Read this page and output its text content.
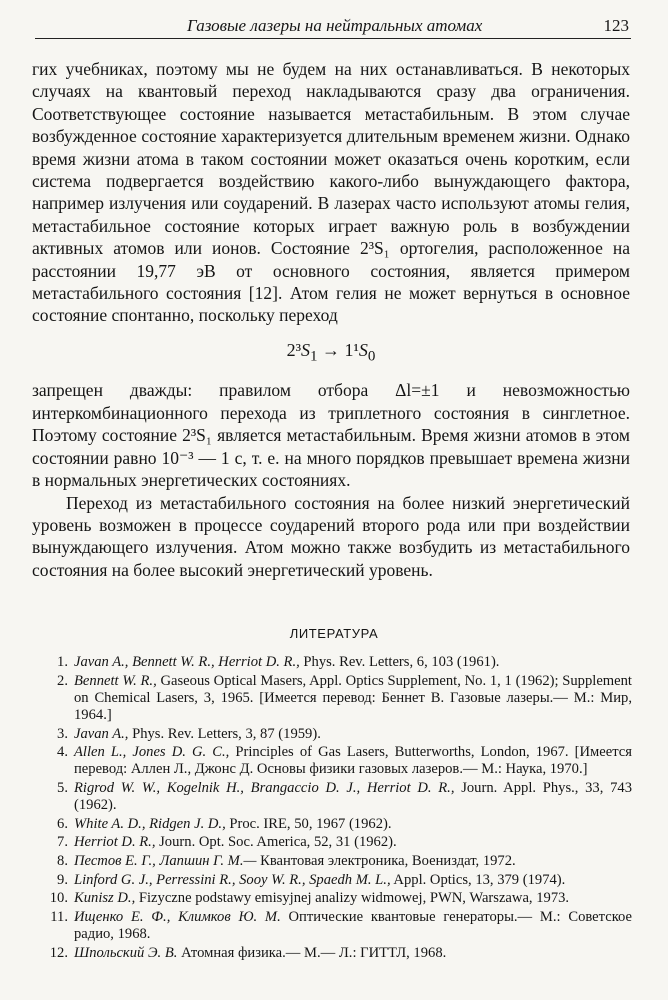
Газовые лазеры на нейтральных атомах	123

гих учебниках, поэтому мы не будем на них останавливаться. В некоторых случаях на квантовый переход накладываются сразу два ограничения. Соответствующее состояние называется метастабильным. В этом случае возбужденное состояние характеризуется длительным временем жизни. Однако время жизни атома в таком состоянии может оказаться очень коротким, если система подвергается воздействию какого-либо вынуждающего фактора, например излучения или соударений. В лазерах часто используют атомы гелия, метастабильное состояние которых играет важную роль в возбуждении активных атомов или ионов. Состояние 2³S₁ ортогелия, расположенное на расстоянии 19,77 эВ от основного состояния, является примером метастабильного состояния [12]. Атом гелия не может вернуться в основное состояние спонтанно, поскольку переход

$2^3S_1 \to 1^1S_0$

запрещен дважды: правилом отбора Δl=±1 и невозможностью интеркомбинационного перехода из триплетного состояния в синглетное. Поэтому состояние 2³S₁ является метастабильным. Время жизни атомов в этом состоянии равно 10⁻³ — 1 с, т. е. на много порядков превышает времена жизни в нормальных энергетических состояниях.

Переход из метастабильного состояния на более низкий энергетический уровень возможен в процессе соударений второго рода или при воздействии вынуждающего излучения. Атом можно также возбудить из метастабильного состояния на более высокий энергетический уровень.

ЛИТЕРАТУРА
1. Javan A., Bennett W. R., Herriot D. R., Phys. Rev. Letters, 6, 103 (1961).
2. Bennett W. R., Gaseous Optical Masers, Appl. Optics Supplement, No. 1, 1 (1962); Supplement on Chemical Lasers, 3, 1965. [Имеется перевод: Беннет В. Газовые лазеры.— М.: Мир, 1964.]
3. Javan A., Phys. Rev. Letters, 3, 87 (1959).
4. Allen L., Jones D. G. C., Principles of Gas Lasers, Butterworths, London, 1967. [Имеется перевод: Аллен Л., Джонс Д. Основы физики газовых лазеров.— М.: Наука, 1970.]
5. Rigrod W. W., Kogelnik H., Brangaccio D. J., Herriot D. R., Journ. Appl. Phys., 33, 743 (1962).
6. White A. D., Ridgen J. D., Proc. IRE, 50, 1967 (1962).
7. Herriot D. R., Journ. Opt. Soc. America, 52, 31 (1962).
8. Пестов Е. Г., Лапшин Г. М.— Квантовая электроника, Воениздат, 1972.
9. Linford G. J., Perressini R., Sooy W. R., Spaedh M. L., Appl. Optics, 13, 379 (1974).
10. Kunisz D., Fizyczne podstawy emisyjnej analizy widmowej, PWN, Warszawa, 1973.
11. Ищенко Е. Ф., Климков Ю. М. Оптические квантовые генераторы.— М.: Советское радио, 1968.
12. Шпольский Э. В. Атомная физика.— М.— Л.: ГИТТЛ, 1968.
